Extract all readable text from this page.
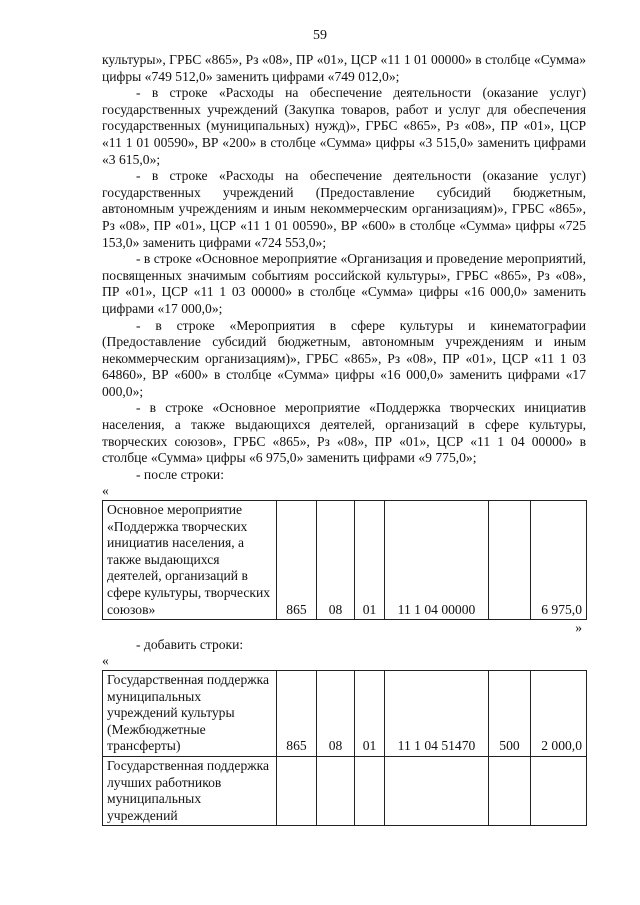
59

культуры», ГРБС «865», Рз «08», ПР «01», ЦСР «11 1 01 00000» в столбце «Сумма» цифры «749 512,0» заменить цифрами «749 012,0»;

- в строке «Расходы на обеспечение деятельности (оказание услуг) государственных учреждений (Закупка товаров, работ и услуг для обеспечения государственных (муниципальных) нужд)», ГРБС «865», Рз «08», ПР «01», ЦСР «11 1 01 00590», ВР «200» в столбце «Сумма» цифры «3 515,0» заменить цифрами «3 615,0»;

- в строке «Расходы на обеспечение деятельности (оказание услуг) государственных учреждений (Предоставление субсидий бюджетным, автономным учреждениям и иным некоммерческим организациям)», ГРБС «865», Рз «08», ПР «01», ЦСР «11 1 01 00590», ВР «600» в столбце «Сумма» цифры «725 153,0» заменить цифрами «724 553,0»;

- в строке «Основное мероприятие «Организация и проведение мероприятий, посвященных значимым событиям российской культуры», ГРБС «865», Рз «08», ПР «01», ЦСР «11 1 03 00000» в столбце «Сумма» цифры «16 000,0» заменить цифрами «17 000,0»;

- в строке «Мероприятия в сфере культуры и кинематографии (Предоставление субсидий бюджетным, автономным учреждениям и иным некоммерческим организациям)», ГРБС «865», Рз «08», ПР «01», ЦСР «11 1 03 64860», ВР «600» в столбце «Сумма» цифры «16 000,0» заменить цифрами «17 000,0»;

- в строке «Основное мероприятие «Поддержка творческих инициатив населения, а также выдающихся деятелей, организаций в сфере культуры, творческих союзов», ГРБС «865», Рз «08», ПР «01», ЦСР «11 1 04 00000» в столбце «Сумма» цифры «6 975,0» заменить цифрами «9 775,0»;

- после строки:

«

Основное мероприятие «Поддержка творческих инициатив населения, а также выдающихся деятелей, организаций в сфере культуры, творческих союзов»	865	08	01	11 1 04 00000		6 975,0

»

- добавить строки:

«

Государственная поддержка муниципальных учреждений культуры (Межбюджетные трансферты)	865	08	01	11 1 04 51470	500	2 000,0
Государственная поддержка лучших работников муниципальных учреждений						
